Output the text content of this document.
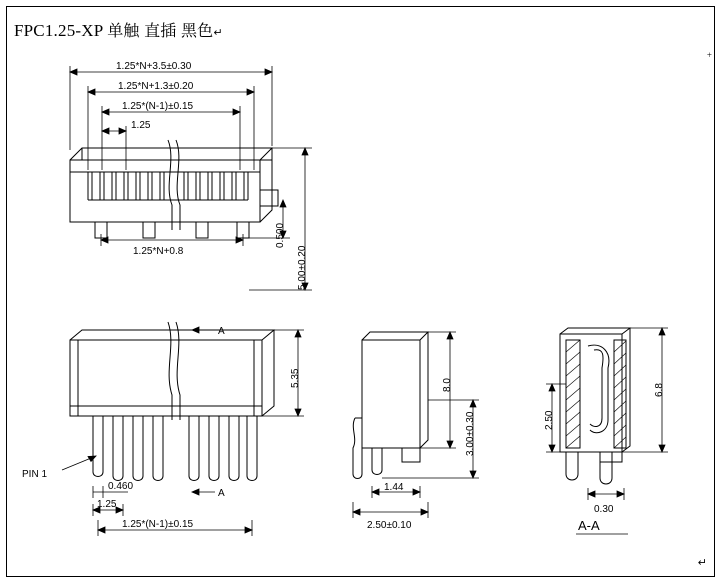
FPC1.25-XP 单触 直插 黑色↵
+
↵
1.25*N+3.5±0.30
1.25*N+1.3±0.20
1.25*(N-1)±0.15
1.25
1.25*N+0.8
0.500
5.00±0.20
A
A
5.35
PIN 1
0.460
1.25
1.25*(N-1)±0.15
8.0
3.00±0.30
1.44
2.50±0.10
6.8
2.50
0.30
A-A
